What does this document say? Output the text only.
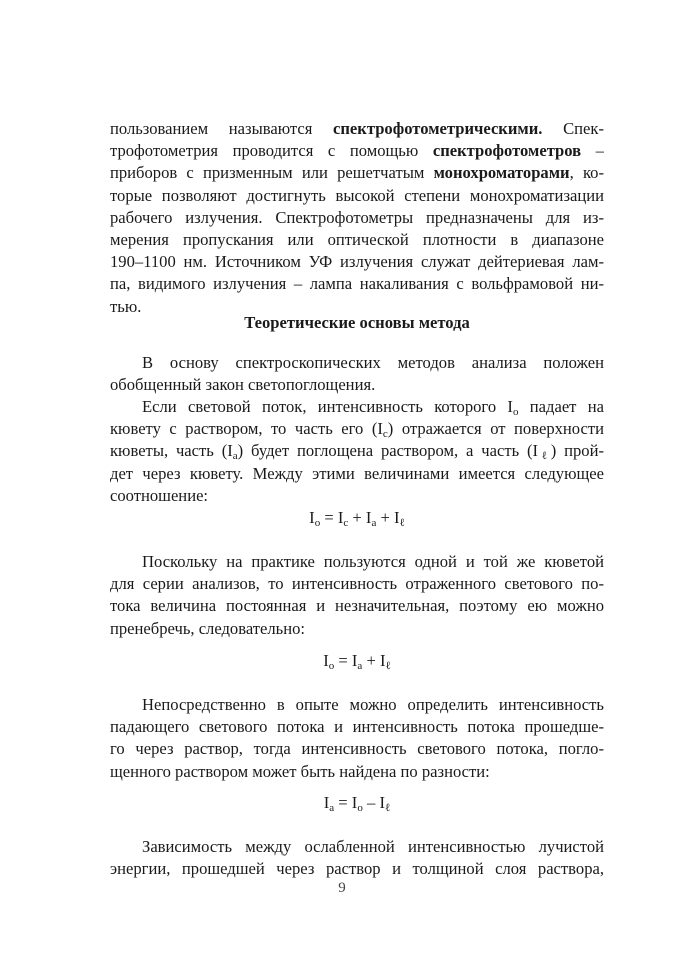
пользованием называются спектрофотометрическими. Спек-
трофотометрия проводится с помощью спектрофотометров –
приборов с призменным или решетчатым монохроматорами, ко-
торые позволяют достигнуть высокой степени монохроматизации
рабочего излучения. Спектрофотометры предназначены для из-
мерения пропускания или оптической плотности в диапазоне
190–1100 нм. Источником УФ излучения служат дейтериевая лам-
па, видимого излучения – лампа накаливания с вольфрамовой ни-
тью.
Теоретические основы метода
В основу спектроскопических методов анализа положен
обобщенный закон светопоглощения.
Если световой поток, интенсивность которого $I_o$ падает на
кювету с раствором, то часть его $(I_c)$ отражается от поверхности
кюветы, часть $(I_a)$ будет поглощена раствором, а часть $(I_\ell)$ прой-
дет через кювету. Между этими величинами имеется следующее
соотношение:
$I_o = I_c + I_a + I_\ell$
Поскольку на практике пользуются одной и той же кюветой
для серии анализов, то интенсивность отраженного светового по-
тока величина постоянная и незначительная, поэтому ею можно
пренебречь, следовательно:
$I_o = I_a + I_\ell$
Непосредственно в опыте можно определить интенсивность
падающего светового потока и интенсивность потока прошедше-
го через раствор, тогда интенсивность светового потока, погло-
щенного раствором может быть найдена по разности:
$I_a = I_o - I_\ell$
Зависимость между ослабленной интенсивностью лучистой
энергии, прошедшей через раствор и толщиной слоя раствора,
9
